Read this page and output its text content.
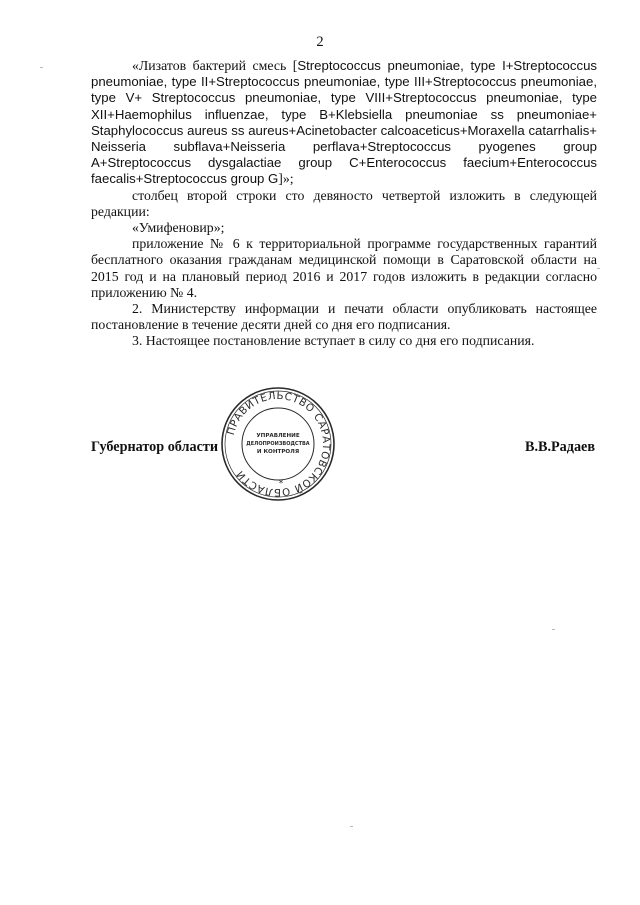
2

«Лизатов бактерий смесь [Streptococcus pneumoniae, type I+Streptococcus pneumoniae, type II+Streptococcus pneumoniae, type III+Streptococcus pneumoniae, type V+ Streptococcus pneumoniae, type VIII+Streptococcus pneumoniae, type XII+Haemophilus influenzae, type B+Klebsiella pneumoniae ss pneumoniae+ Staphylococcus aureus ss aureus+Acinetobacter calcoaceticus+Moraxella catarrhalis+ Neisseria subflava+Neisseria perflava+Streptococcus pyogenes group A+Streptococcus dysgalactiae group C+Enterococcus faecium+Enterococcus faecalis+Streptococcus group G]»;

столбец второй строки сто девяносто четвертой изложить в следующей редакции:

«Умифеновир»;

приложение № 6 к территориальной программе государственных гарантий бесплатного оказания гражданам медицинской помощи в Саратовской области на 2015 год и на плановый период 2016 и 2017 годов изложить в редакции согласно приложению № 4.

2. Министерству информации и печати области опубликовать настоящее постановление в течение десяти дней со дня его подписания.

3. Настоящее постановление вступает в силу со дня его подписания.

ПРАВИТЕЛЬСТВО САРАТОВСКОЙ ОБЛАСТИ
УПРАВЛЕНИЕ
ДЕЛОПРОИЗВОДСТВА
И КОНТРОЛЯ
*
Губернатор области	В.В.Радаев
